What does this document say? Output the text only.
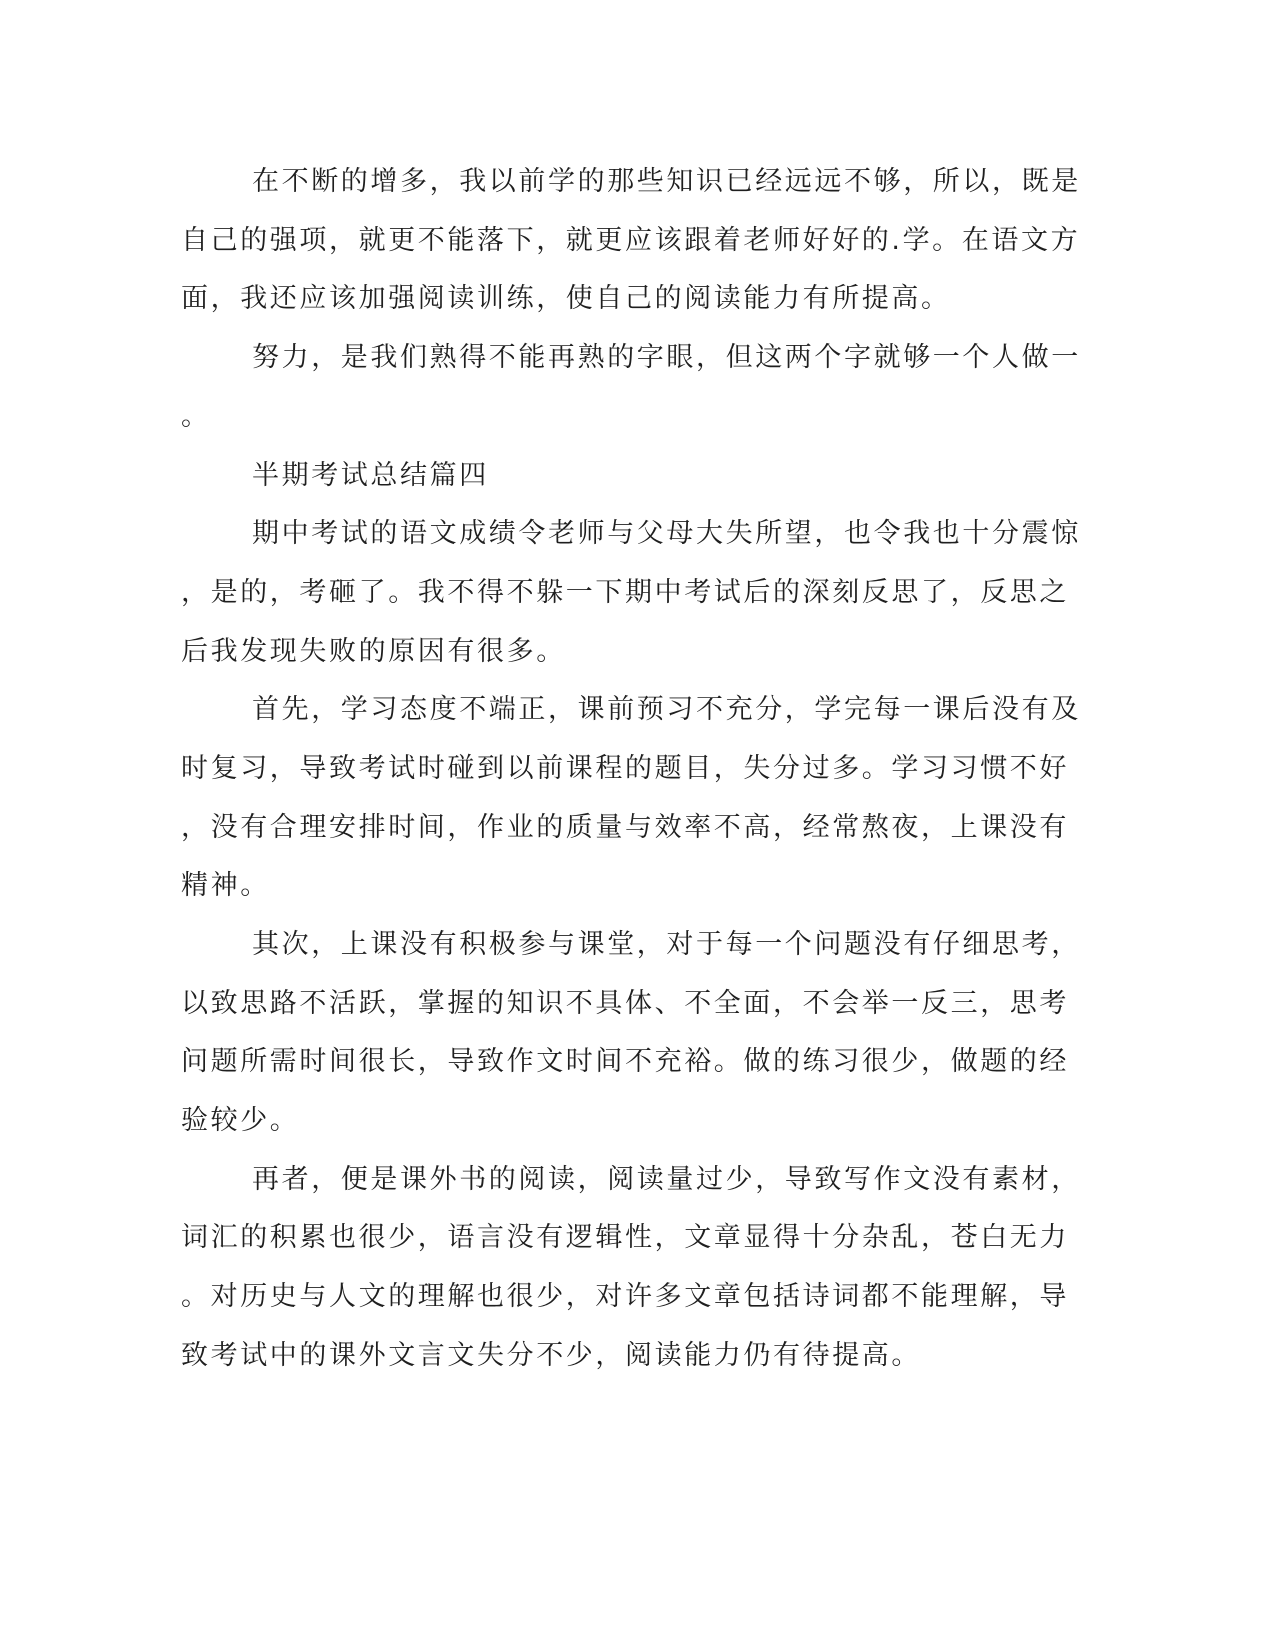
在不断的增多，我以前学的那些知识已经远远不够，所以，既是
自己的强项，就更不能落下，就更应该跟着老师好好的.学。在语文方
面，我还应该加强阅读训练，使自己的阅读能力有所提高。
努力，是我们熟得不能再熟的字眼，但这两个字就够一个人做一
。
半期考试总结篇四
期中考试的语文成绩令老师与父母大失所望，也令我也十分震惊
，是的，考砸了。我不得不躲一下期中考试后的深刻反思了，反思之
后我发现失败的原因有很多。
首先，学习态度不端正，课前预习不充分，学完每一课后没有及
时复习，导致考试时碰到以前课程的题目，失分过多。学习习惯不好
，没有合理安排时间，作业的质量与效率不高，经常熬夜，上课没有
精神。
其次，上课没有积极参与课堂，对于每一个问题没有仔细思考，
以致思路不活跃，掌握的知识不具体、不全面，不会举一反三，思考
问题所需时间很长，导致作文时间不充裕。做的练习很少，做题的经
验较少。
再者，便是课外书的阅读，阅读量过少，导致写作文没有素材，
词汇的积累也很少，语言没有逻辑性，文章显得十分杂乱，苍白无力
。对历史与人文的理解也很少，对许多文章包括诗词都不能理解，导
致考试中的课外文言文失分不少，阅读能力仍有待提高。
